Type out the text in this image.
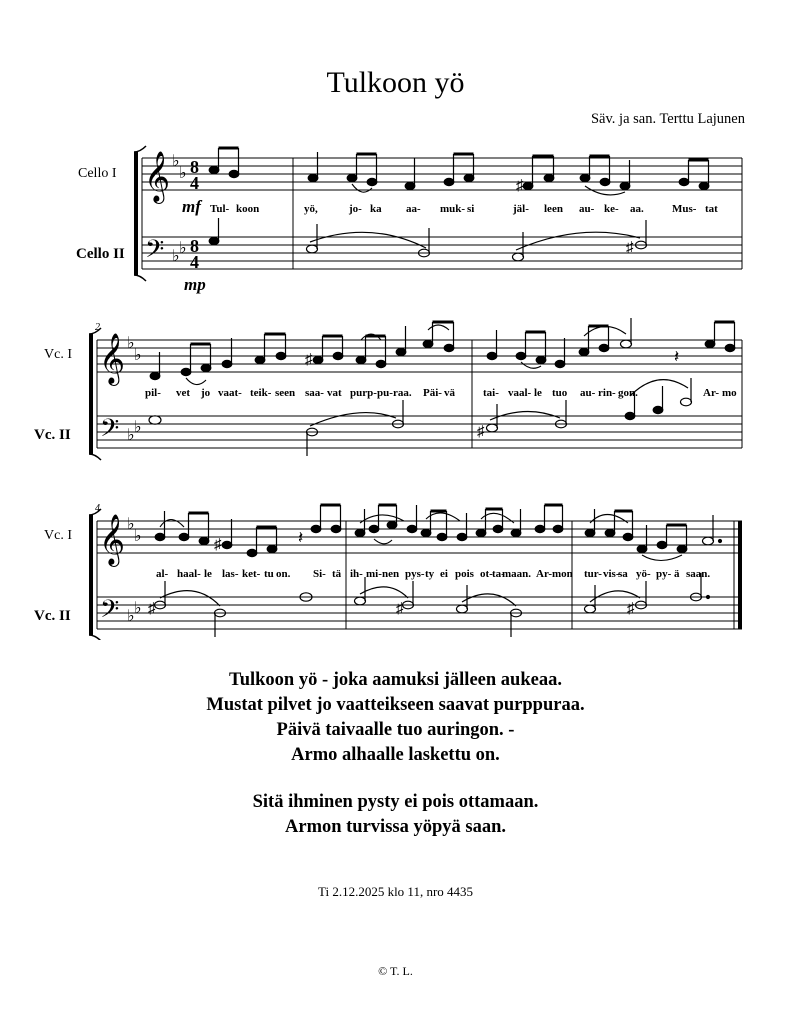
Tulkoon yö
Säv. ja san. Terttu Lajunen
Cello I
Cello II
𝄞
𝄢
♭
♭
♭ ♭
8
4
8
4
♯
♯
mf
mp
Tul- koon	yö,	jo- ka aa- muk- si	jäl- leen au- ke- aa.	Mus- tat
2
Vc. I
Vc. II
𝄞
𝄢
♭
♭
♭ ♭
♯	𝄽
♯
pil- vet jo vaat- teik- seen saa- vat purp- pu- raa. Päi- vä	tai- vaal- le tuo au- rin- gon.	Ar- mo
4
Vc. I
Vc. II
𝄞
𝄢
♭
♭
♭ ♭
♯	𝄽
♯	♯	♯
al- haal- le las- ket- tu on. Si- tä ih- mi- nen pys- ty ei pois ot- ta-
maan. Ar- mon tur- vis-
sa yö- py- ä saan.
Tulkoon yö - joka aamuksi jälleen aukeaa.
Mustat pilvet jo vaatteikseen saavat purppuraa.
Päivä taivaalle tuo auringon. -
Armo alhaalle laskettu on.
Sitä ihminen pysty ei pois ottamaan.
Armon turvissa yöpyä saan.
Ti 2.12.2025 klo 11, nro 4435
© T. L.
